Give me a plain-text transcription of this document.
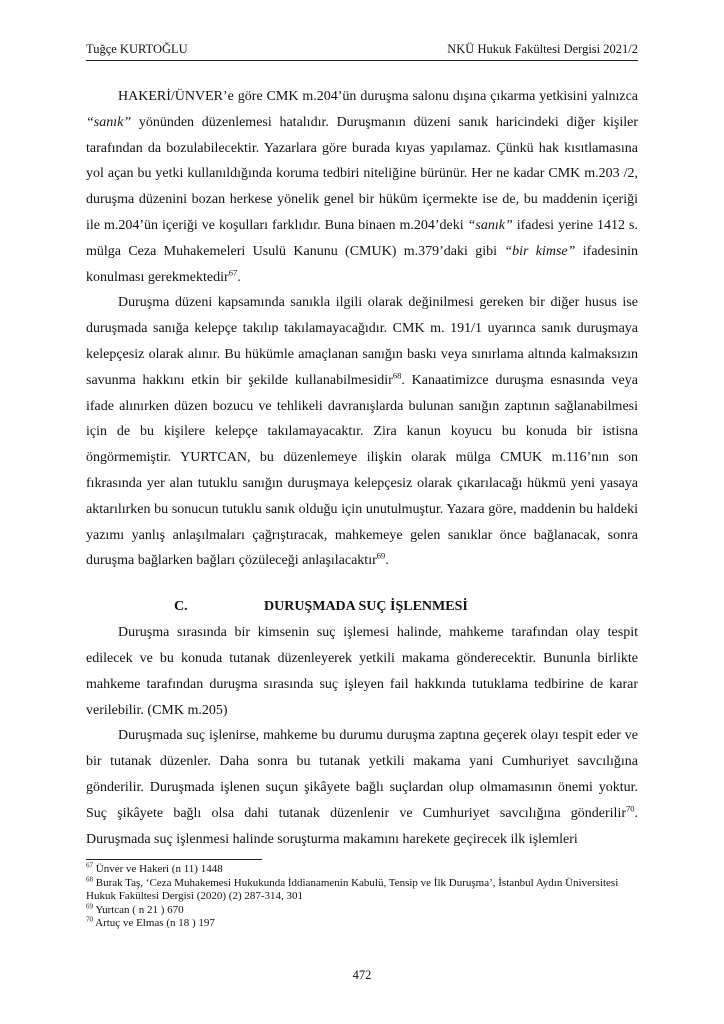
Tuğçe KURTOĞLU	NKÜ Hukuk Fakültesi Dergisi 2021/2

HAKERİ/ÜNVER’e göre CMK m.204’ün duruşma salonu dışına çıkarma yetkisini yalnızca “sanık” yönünden düzenlemesi hatalıdır. Duruşmanın düzeni sanık haricindeki diğer kişiler tarafından da bozulabilecektir. Yazarlara göre burada kıyas yapılamaz. Çünkü hak kısıtlamasına yol açan bu yetki kullanıldığında koruma tedbiri niteliğine bürünür. Her ne kadar CMK m.203 /2, duruşma düzenini bozan herkese yönelik genel bir hüküm içermekte ise de, bu maddenin içeriği ile m.204’ün içeriği ve koşulları farklıdır. Buna binaen m.204’deki “sanık” ifadesi yerine 1412 s. mülga Ceza Muhakemeleri Usulü Kanunu (CMUK) m.379’daki gibi “bir kimse” ifadesinin konulması gerekmektedir$^{67}$.

Duruşma düzeni kapsamında sanıkla ilgili olarak değinilmesi gereken bir diğer husus ise duruşmada sanığa kelepçe takılıp takılamayacağıdır. CMK m. 191/1 uyarınca sanık duruşmaya kelepçesiz olarak alınır. Bu hükümle amaçlanan sanığın baskı veya sınırlama altında kalmaksızın savunma hakkını etkin bir şekilde kullanabilmesidir$^{68}$. Kanaatimizce duruşma esnasında veya ifade alınırken düzen bozucu ve tehlikeli davranışlarda bulunan sanığın zaptının sağlanabilmesi için de bu kişilere kelepçe takılamayacaktır. Zira kanun koyucu bu konuda bir istisna öngörmemiştir. YURTCAN, bu düzenlemeye ilişkin olarak mülga CMUK m.116’nın son fıkrasında yer alan tutuklu sanığın duruşmaya kelepçesiz olarak çıkarılacağı hükmü yeni yasaya aktarılırken bu sonucun tutuklu sanık olduğu için unutulmuştur. Yazara göre, maddenin bu haldeki yazımı yanlış anlaşılmaları çağrıştıracak, mahkemeye gelen sanıklar önce bağlanacak, sonra duruşma bağlarken bağları çözüleceği anlaşılacaktır$^{69}$.

C.	DURUŞMADA SUÇ İŞLENMESİ

Duruşma sırasında bir kimsenin suç işlemesi halinde, mahkeme tarafından olay tespit edilecek ve bu konuda tutanak düzenleyerek yetkili makama gönderecektir. Bununla birlikte mahkeme tarafından duruşma sırasında suç işleyen fail hakkında tutuklama tedbirine de karar verilebilir. (CMK m.205)

Duruşmada suç işlenirse, mahkeme bu durumu duruşma zaptına geçerek olayı tespit eder ve bir tutanak düzenler. Daha sonra bu tutanak yetkili makama yani Cumhuriyet savcılığına gönderilir. Duruşmada işlenen suçun şikâyete bağlı suçlardan olup olmamasının önemi yoktur. Suç şikâyete bağlı olsa dahi tutanak düzenlenir ve Cumhuriyet savcılığına gönderilir$^{70}$. Duruşmada suç işlenmesi halinde soruşturma makamını harekete geçirecek ilk işlemleri

$^{67}$ Ünver ve Hakeri (n 11) 1448
$^{68}$ Burak Taş, ‘Ceza Muhakemesi Hukukunda İddianamenin Kabulü, Tensip ve İlk Duruşma’, İstanbul Aydın Üniversitesi Hukuk Fakültesi Dergisi (2020) (2) 287-314, 301
$^{69}$ Yurtcan ( n 21 ) 670
$^{70}$ Artuç ve Elmas (n 18 ) 197
472
